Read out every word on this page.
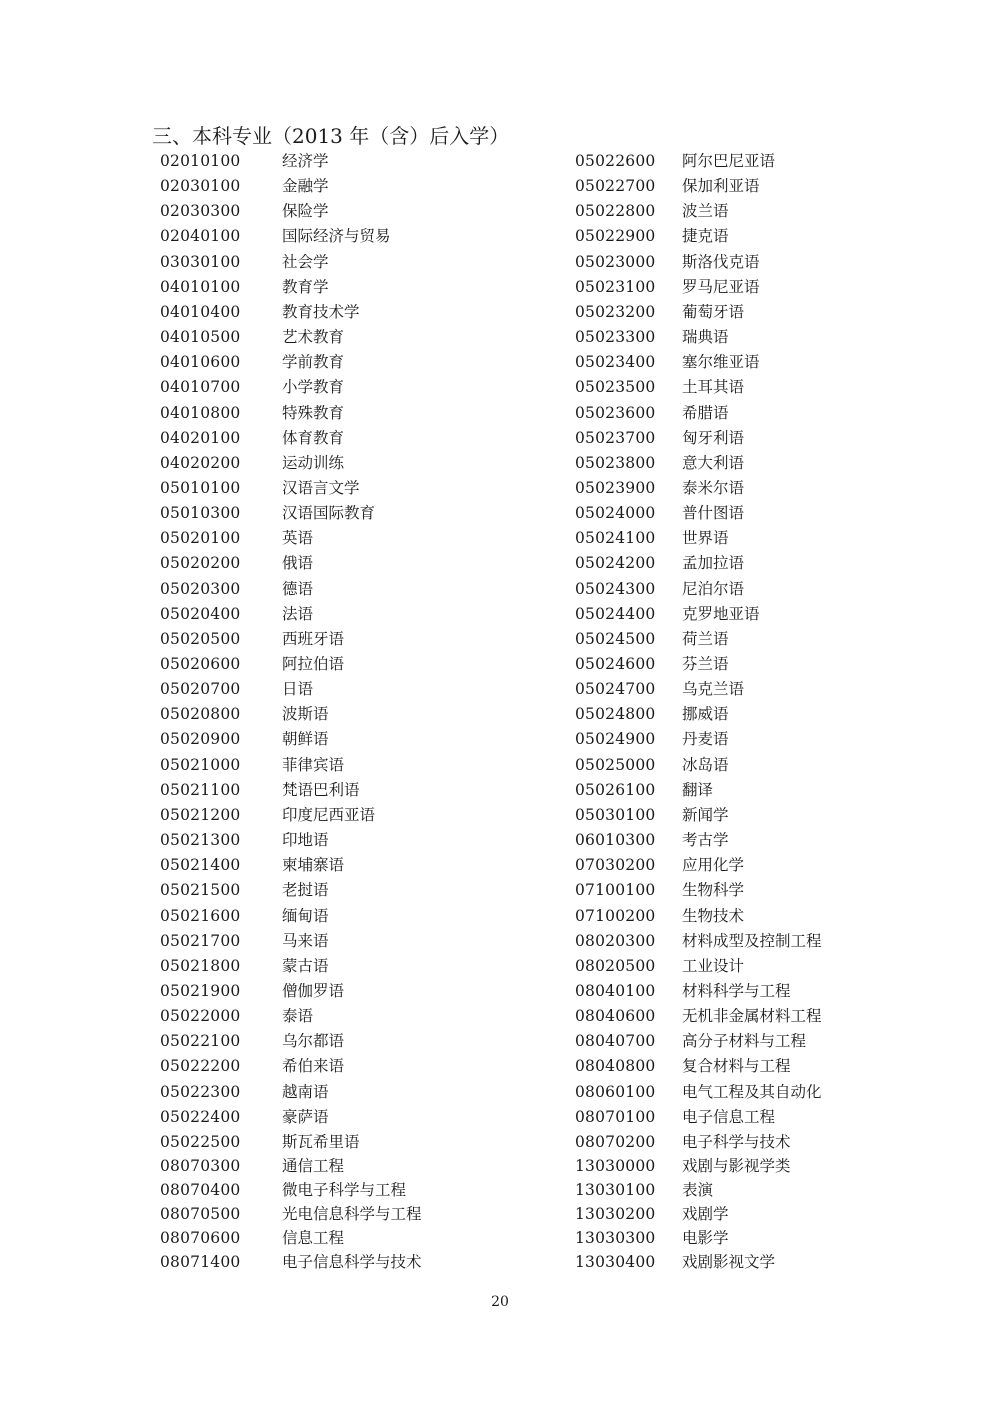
三、本科专业（2013 年（含）后入学）
02010100	经济学
02030100	金融学
02030300	保险学
02040100	国际经济与贸易
03030100	社会学
04010100	教育学
04010400	教育技术学
04010500	艺术教育
04010600	学前教育
04010700	小学教育
04010800	特殊教育
04020100	体育教育
04020200	运动训练
05010100	汉语言文学
05010300	汉语国际教育
05020100	英语
05020200	俄语
05020300	德语
05020400	法语
05020500	西班牙语
05020600	阿拉伯语
05020700	日语
05020800	波斯语
05020900	朝鲜语
05021000	菲律宾语
05021100	梵语巴利语
05021200	印度尼西亚语
05021300	印地语
05021400	柬埔寨语
05021500	老挝语
05021600	缅甸语
05021700	马来语
05021800	蒙古语
05021900	僧伽罗语
05022000	泰语
05022100	乌尔都语
05022200	希伯来语
05022300	越南语
05022400	豪萨语
05022500	斯瓦希里语
08070300	通信工程
08070400	微电子科学与工程
08070500	光电信息科学与工程
08070600	信息工程
08071400	电子信息科学与技术
05022600 阿尔巴尼亚语
05022700 保加利亚语
05022800 波兰语
05022900 捷克语
05023000 斯洛伐克语
05023100 罗马尼亚语
05023200 葡萄牙语
05023300 瑞典语
05023400 塞尔维亚语
05023500 土耳其语
05023600 希腊语
05023700 匈牙利语
05023800 意大利语
05023900 泰米尔语
05024000 普什图语
05024100 世界语
05024200 孟加拉语
05024300 尼泊尔语
05024400 克罗地亚语
05024500 荷兰语
05024600 芬兰语
05024700 乌克兰语
05024800 挪威语
05024900 丹麦语
05025000 冰岛语
05026100 翻译
05030100 新闻学
06010300 考古学
07030200 应用化学
07100100 生物科学
07100200 生物技术
08020300 材料成型及控制工程
08020500 工业设计
08040100 材料科学与工程
08040600 无机非金属材料工程
08040700 高分子材料与工程
08040800 复合材料与工程
08060100 电气工程及其自动化
08070100 电子信息工程
08070200 电子科学与技术
13030000 戏剧与影视学类
13030100 表演
13030200 戏剧学
13030300 电影学
13030400 戏剧影视文学
20
